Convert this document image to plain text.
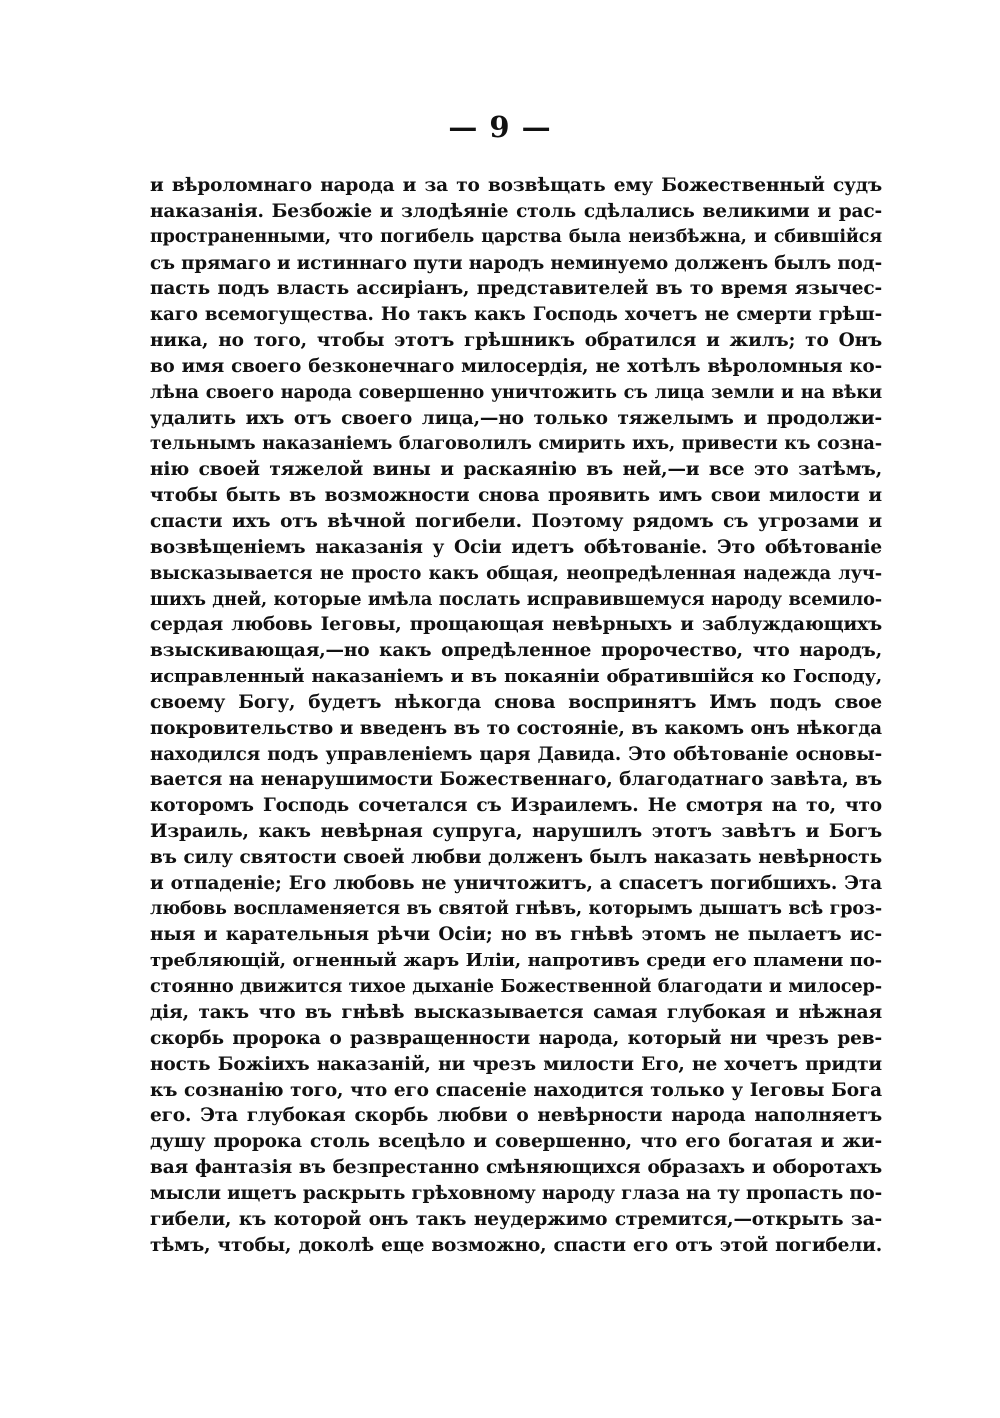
— 9 —
и вѣроломнаго народа и за то возвѣщать ему Божественный судъ
наказанія. Безбожіе и злодѣяніе столь сдѣлались великими и рас-
пространенными, что погибель царства была неизбѣжна, и сбившійся
съ прямаго и истиннаго пути народъ неминуемо долженъ былъ под-
пасть подъ власть ассиріанъ, представителей въ то время язычес-
каго всемогущества. Но такъ какъ Господь хочетъ не смерти грѣш-
ника, но того, чтобы этотъ грѣшникъ обратился и жилъ; то Онъ
во имя своего безконечнаго милосердія, не хотѣлъ вѣроломныя ко-
лѣна своего народа совершенно уничтожить съ лица земли и на вѣки
удалить ихъ отъ своего лица,—но только тяжелымъ и продолжи-
тельнымъ наказаніемъ благоволилъ смирить ихъ, привести къ созна-
нію своей тяжелой вины и раскаянію въ ней,—и все это затѣмъ,
чтобы быть въ возможности снова проявить имъ свои милости и
спасти ихъ отъ вѣчной погибели. Поэтому рядомъ съ угрозами и
возвѣщеніемъ наказанія у Осіи идетъ обѣтованіе. Это обѣтованіе
высказывается не просто какъ общая, неопредѣленная надежда луч-
шихъ дней, которые имѣла послать исправившемуся народу всемило-
сердая любовь Іеговы, прощающая невѣрныхъ и заблуждающихъ
взыскивающая,—но какъ опредѣленное пророчество, что народъ,
исправленный наказаніемъ и въ покаяніи обратившійся ко Господу,
своему Богу, будетъ нѣкогда снова воспринятъ Имъ подъ свое
покровительство и введенъ въ то состояніе, въ какомъ онъ нѣкогда
находился подъ управленіемъ царя Давида. Это обѣтованіе основы-
вается на ненарушимости Божественнаго, благодатнаго завѣта, въ
которомъ Господь сочетался съ Израилемъ. Не смотря на то, что
Израиль, какъ невѣрная супруга, нарушилъ этотъ завѣтъ и Богъ
въ силу святости своей любви долженъ былъ наказать невѣрность
и отпаденіе; Его любовь не уничтожитъ, а спасетъ погибшихъ. Эта
любовь воспламеняется въ святой гнѣвъ, которымъ дышатъ всѣ гроз-
ныя и карательныя рѣчи Осіи; но въ гнѣвѣ этомъ не пылаетъ ис-
требляющій, огненный жаръ Иліи, напротивъ среди его пламени по-
стоянно движится тихое дыханіе Божественной благодати и милосер-
дія, такъ что въ гнѣвѣ высказывается самая глубокая и нѣжная
скорбь пророка о развращенности народа, который ни чрезъ рев-
ность Божіихъ наказаній, ни чрезъ милости Его, не хочетъ придти
къ сознанію того, что его спасеніе находится только у Іеговы Бога
его. Эта глубокая скорбь любви о невѣрности народа наполняетъ
душу пророка столь всецѣло и совершенно, что его богатая и жи-
вая фантазія въ безпрестанно смѣняющихся образахъ и оборотахъ
мысли ищетъ раскрыть грѣховному народу глаза на ту пропасть по-
гибели, къ которой онъ такъ неудержимо стремится,—открыть за-
тѣмъ, чтобы, доколѣ еще возможно, спасти его отъ этой погибели.
